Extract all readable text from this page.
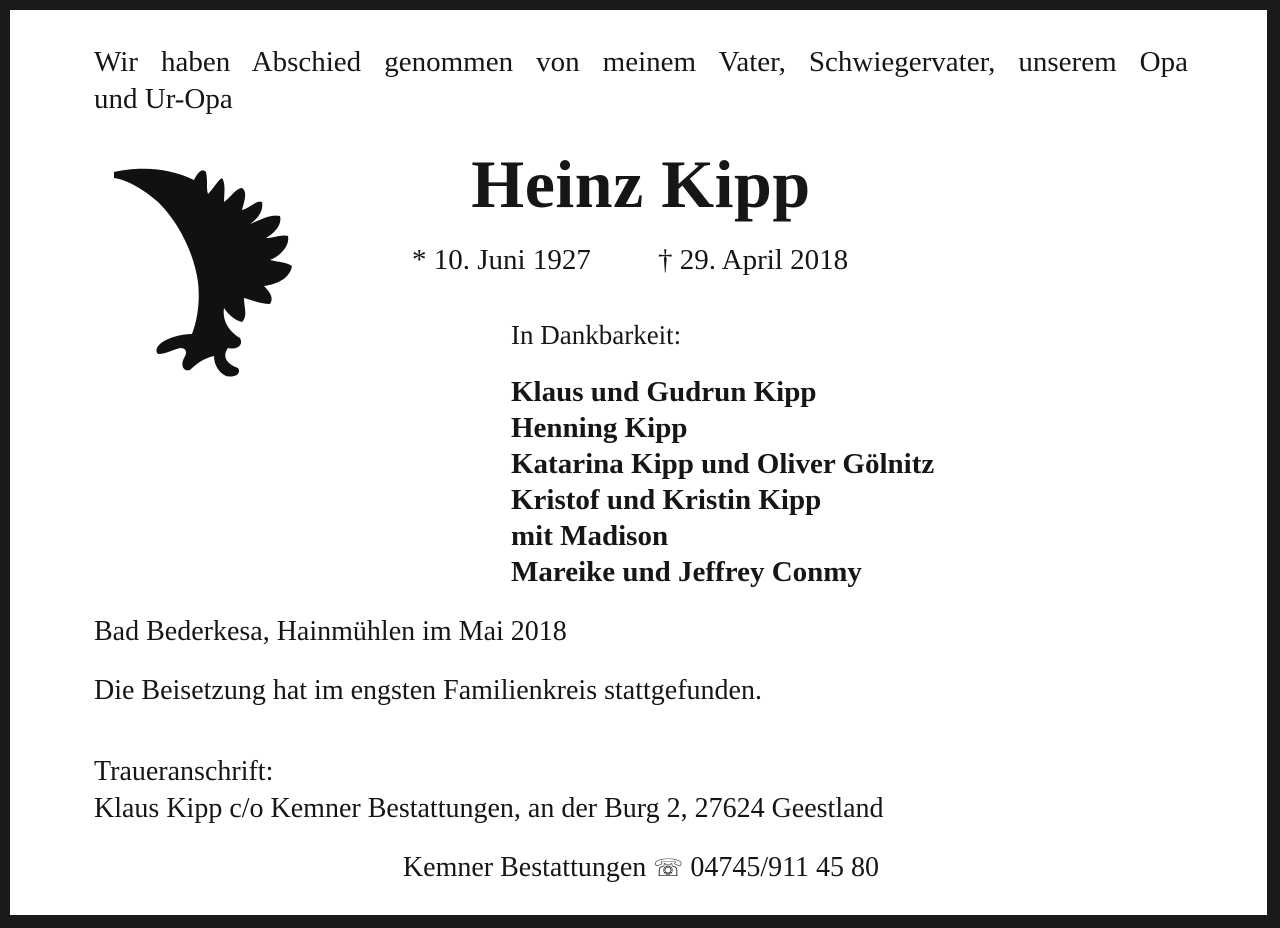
Wir haben Abschied genommen von meinem Vater, Schwiegervater, unserem Opa
und Ur-Opa
Heinz Kipp
* 10. Juni 1927 † 29. April 2018
In Dankbarkeit:
Klaus und Gudrun Kipp
Henning Kipp
Katarina Kipp und Oliver Gölnitz
Kristof und Kristin Kipp
mit Madison
Mareike und Jeffrey Conmy
Bad Bederkesa, Hainmühlen im Mai 2018
Die Beisetzung hat im engsten Familienkreis stattgefunden.
Traueranschrift:
Klaus Kipp c/o Kemner Bestattungen, an der Burg 2, 27624 Geestland
Kemner Bestattungen ☏ 04745/911 45 80
